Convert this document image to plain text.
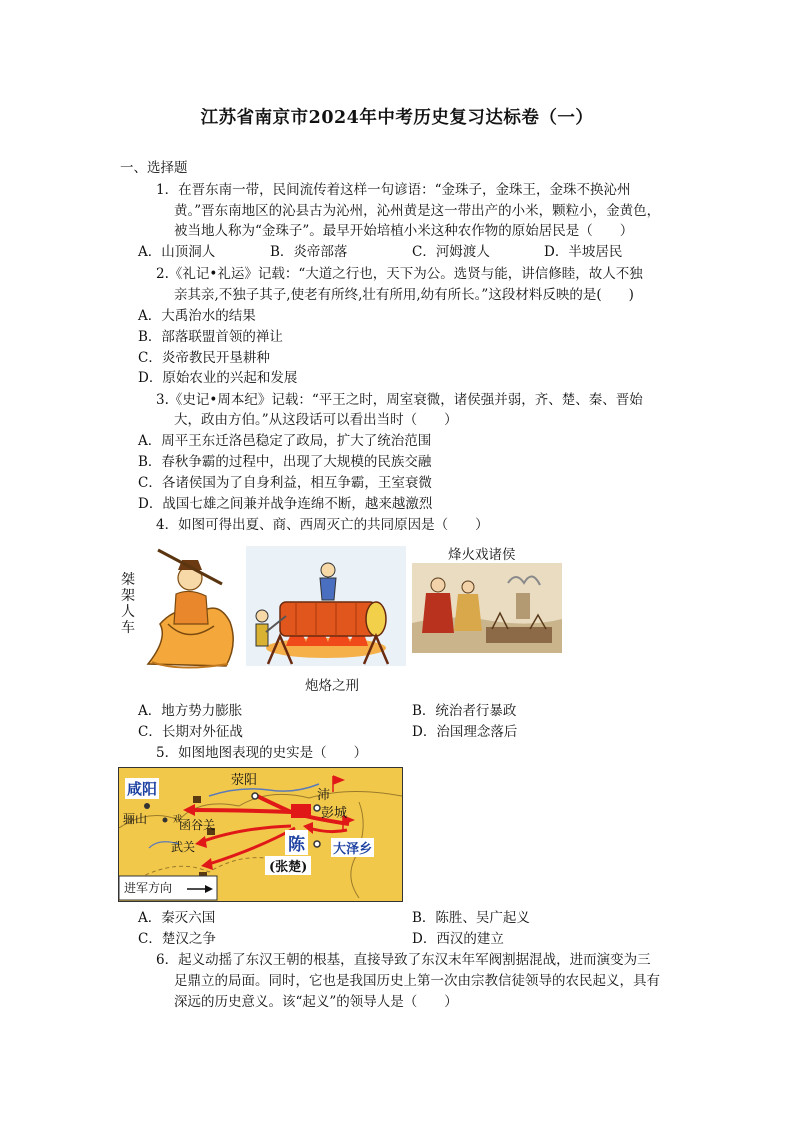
江苏省南京市2024年中考历史复习达标卷（一）
一、选择题
1．在晋东南一带，民间流传着这样一句谚语：“金珠子，金珠王，金珠不换沁州
黄。”晋东南地区的沁县古为沁州，沁州黄是这一带出产的小米，颗粒小，金黄色，
被当地人称为“金珠子”。最早开始培植小米这种农作物的原始居民是（　　）
A．山顶洞人	B．炎帝部落	C．河姆渡人	D．半坡居民
2.《礼记•礼运》记载：“大道之行也，天下为公。选贤与能，讲信修睦，故人不独
亲其亲,不独子其子,使老有所终,壮有所用,幼有所长。”这段材料反映的是(　　)
A．大禹治水的结果
B．部落联盟首领的禅让
C．炎帝教民开垦耕种
D．原始农业的兴起和发展
3.《史记•周本纪》记载：“平王之时，周室衰微，诸侯强并弱，齐、楚、秦、晋始
大，政由方伯。”从这段话可以看出当时（　　）
A．周平王东迁洛邑稳定了政局，扩大了统治范围
B．春秋争霸的过程中，出现了大规模的民族交融
C．各诸侯国为了自身利益，相互争霸，王室衰微
D．战国七雄之间兼并战争连绵不断，越来越激烈
4．如图可得出夏、商、西周灭亡的共同原因是（　　）
桀架人车
炮烙之刑
烽火戏诸侯
A．地方势力膨胀	B．统治者行暴政
C．长期对外征战	D．治国理念落后
5．如图地图表现的史实是（　　）
咸阳	荥阳
沛
彭城
骊山	戏
函谷关
陈 大泽乡
武关
(张楚)
进军方向
A．秦灭六国	B．陈胜、吴广起义
C．楚汉之争	D．西汉的建立
6．起义动摇了东汉王朝的根基，直接导致了东汉末年军阀割据混战，进而演变为三
足鼎立的局面。同时，它也是我国历史上第一次由宗教信徒领导的农民起义，具有
深远的历史意义。该“起义”的领导人是（　　）
